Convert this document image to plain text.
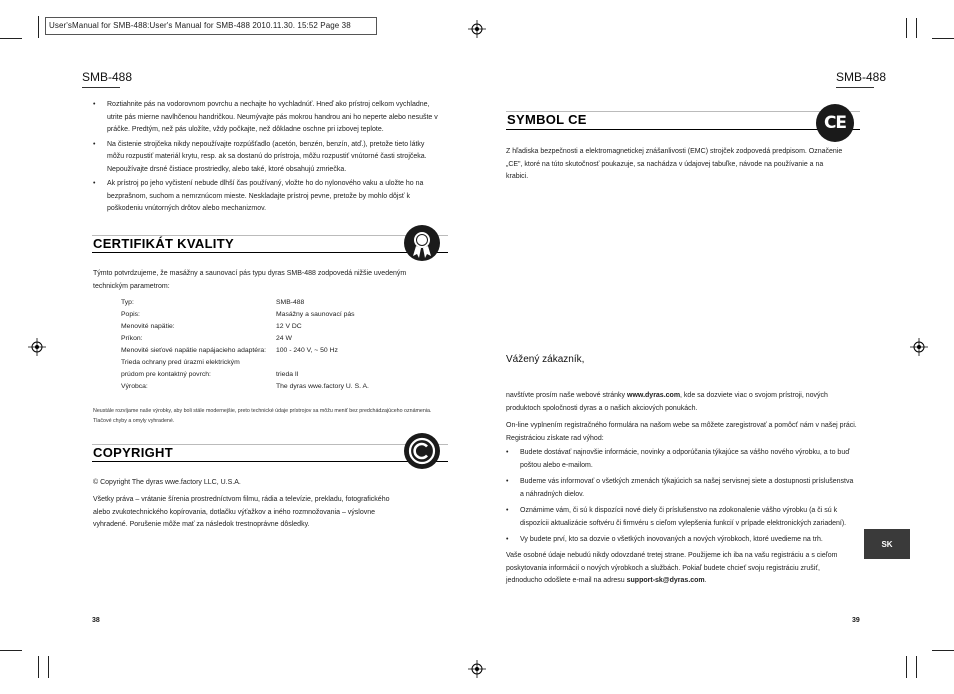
User'sManual for SMB-488:User's Manual for SMB-488 2010.11.30. 15:52 Page 38
SMB-488
• Roztiahnite pás na vodorovnom povrchu a nechajte ho vychladnúť. Hneď ako prístroj celkom vychladne, utrite pás mierne navlhčenou handričkou. Neumývajte pás mokrou handrou ani ho neperte alebo nesušte v práčke. Predtým, než pás uložíte, vždy počkajte, než dôkladne oschne pri izbovej teplote.
• Na čistenie strojčeka nikdy nepoužívajte rozpúšťadlo (acetón, benzén, benzín, atď.), pretože tieto látky môžu rozpustiť materiál krytu, resp. ak sa dostanú do prístroja, môžu rozpustiť vnútorné časti strojčeka. Nepoužívajte drsné čistiace prostriedky, alebo také, ktoré obsahujú zmriečka.
• Ak prístroj po jeho vyčistení nebude dlhší čas používaný, vložte ho do nylonového vaku a uložte ho na bezprašnom, suchom a nemrznúcom mieste. Neskladajte prístroj pevne, pretože by mohlo dôjsť k poškodeniu vnútorných drôtov alebo mechanizmov.
CERTIFIKÁT KVALITY
Týmto potvrdzujeme, že masážny a saunovací pás typu dyras SMB-488 zodpovedá nižšie uvedeným technickým parametrom:
Typ:	SMB-488
Popis:	Masážny a saunovací pás
Menovité napätie:	12 V DC
Príkon:	24 W
Menovité sieťové napätie napájacieho adaptéra:	100 - 240 V, ~ 50 Hz
Trieda ochrany pred úrazmi elektrickým	
prúdom pre kontaktný povrch:	trieda II
Výrobca:	The dyras wwe.factory U. S. A.
Neustále rozvíjame naše výrobky, aby boli stále modernejšie, preto technické údaje prístrojov sa môžu meniť bez predchádzajúceho oznámenia. Tlačové chyby a omyly vyhradené.
COPYRIGHT
© Copyright The dyras wwe.factory LLC, U.S.A.
Všetky práva – vrátanie šírenia prostredníctvom filmu, rádia a televízie, prekladu, fotografického alebo zvukotechnického kopírovania, dotlačku výťažkov a iného rozmnožovania – výslovne vyhradené. Porušenie môže mať za následok trestnoprávne dôsledky.
38
SMB-488
SYMBOL CE	CE
Z hľadiska bezpečnosti a elektromagnetickej znášanlivosti (EMC) strojček zodpovedá predpisom. Označenie „CE", ktoré na túto skutočnosť poukazuje, sa nachádza v údajovej tabuľke, návode na používanie a na krabici.
Vážený zákazník,
navštívte prosím naše webové stránky www.dyras.com, kde sa dozviete viac o svojom prístroji, nových produktoch spoločnosti dyras a o našich akciových ponukách.
On-line vyplnením registračného formulára na našom webe sa môžete zaregistrovať a pomôcť nám v našej práci. Registráciou získate rad výhod:
• Budete dostávať najnovšie informácie, novinky a odporúčania týkajúce sa vášho nového výrobku, a to buď poštou alebo e-mailom.
• Budeme vás informovať o všetkých zmenách týkajúcich sa našej servisnej siete a dostupnosti príslušenstva a náhradných dielov.
• Oznámime vám, či sú k dispozícii nové diely či príslušenstvo na zdokonalenie vášho výrobku (a či sú k dispozícii aktualizácie softvéru či firmvéru s cieľom vylepšenia funkcií v prípade elektronických zariadení).
• Vy budete prví, kto sa dozvie o všetkých inovovaných a nových výrobkoch, ktoré uvedieme na trh.
Vaše osobné údaje nebudú nikdy odovzdané tretej strane. Použijeme ich iba na vašu registráciu a s cieľom poskytovania informácií o nových výrobkoch a službách. Pokiaľ budete chcieť svoju registráciu zrušiť, jednoducho odošlete e-mail na adresu support-sk@dyras.com.
SK
39
